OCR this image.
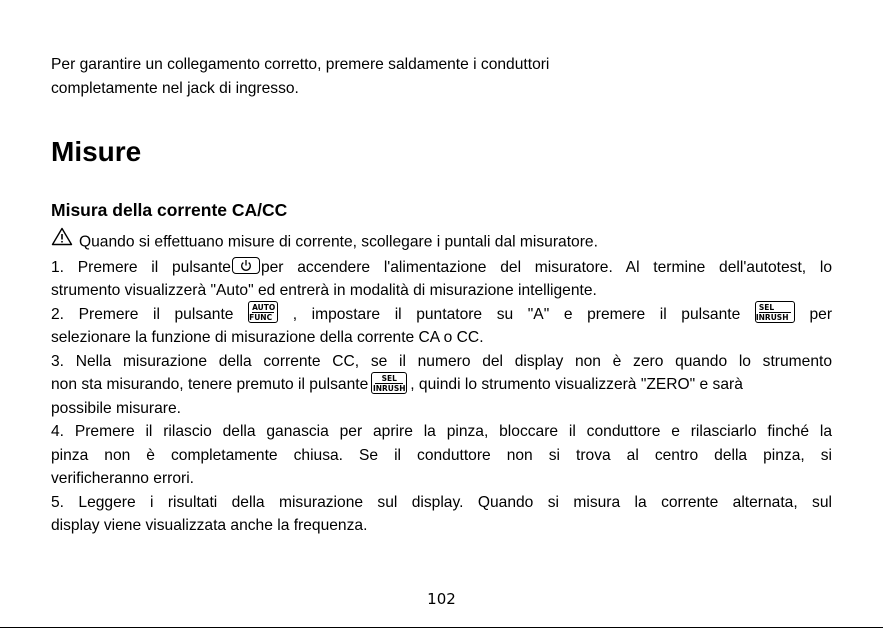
Per garantire un collegamento corretto, premere saldamente i conduttori
completamente nel jack di ingresso.

Misure
Misura della corrente CA/CC
Quando si effettuano misure di corrente, scollegare i puntali dal misuratore.
1. Premere il pulsante per accendere l'alimentazione del misuratore. Al termine dell'autotest, lo
strumento visualizzerà "Auto" ed entrerà in modalità di misurazione intelligente.
2. Premere il pulsante AUTO
FUNC	, impostare il puntatore su "A" e premere il pulsante SEL
INRUSH	per
selezionare la funzione di misurazione della corrente CA o CC.
3. Nella misurazione della corrente CC, se il numero del display non è zero quando lo strumento
non sta misurando, tenere premuto il pulsante	SEL
INRUSH , quindi lo strumento visualizzerà "ZERO" e sarà
possibile misurare.
4. Premere il rilascio della ganascia per aprire la pinza, bloccare il conduttore e rilasciarlo finché la
pinza non è completamente chiusa. Se il conduttore non si trova al centro della pinza, si
verificheranno errori.
5. Leggere i risultati della misurazione sul display. Quando si misura la corrente alternata, sul
display viene visualizzata anche la frequenza.

102
